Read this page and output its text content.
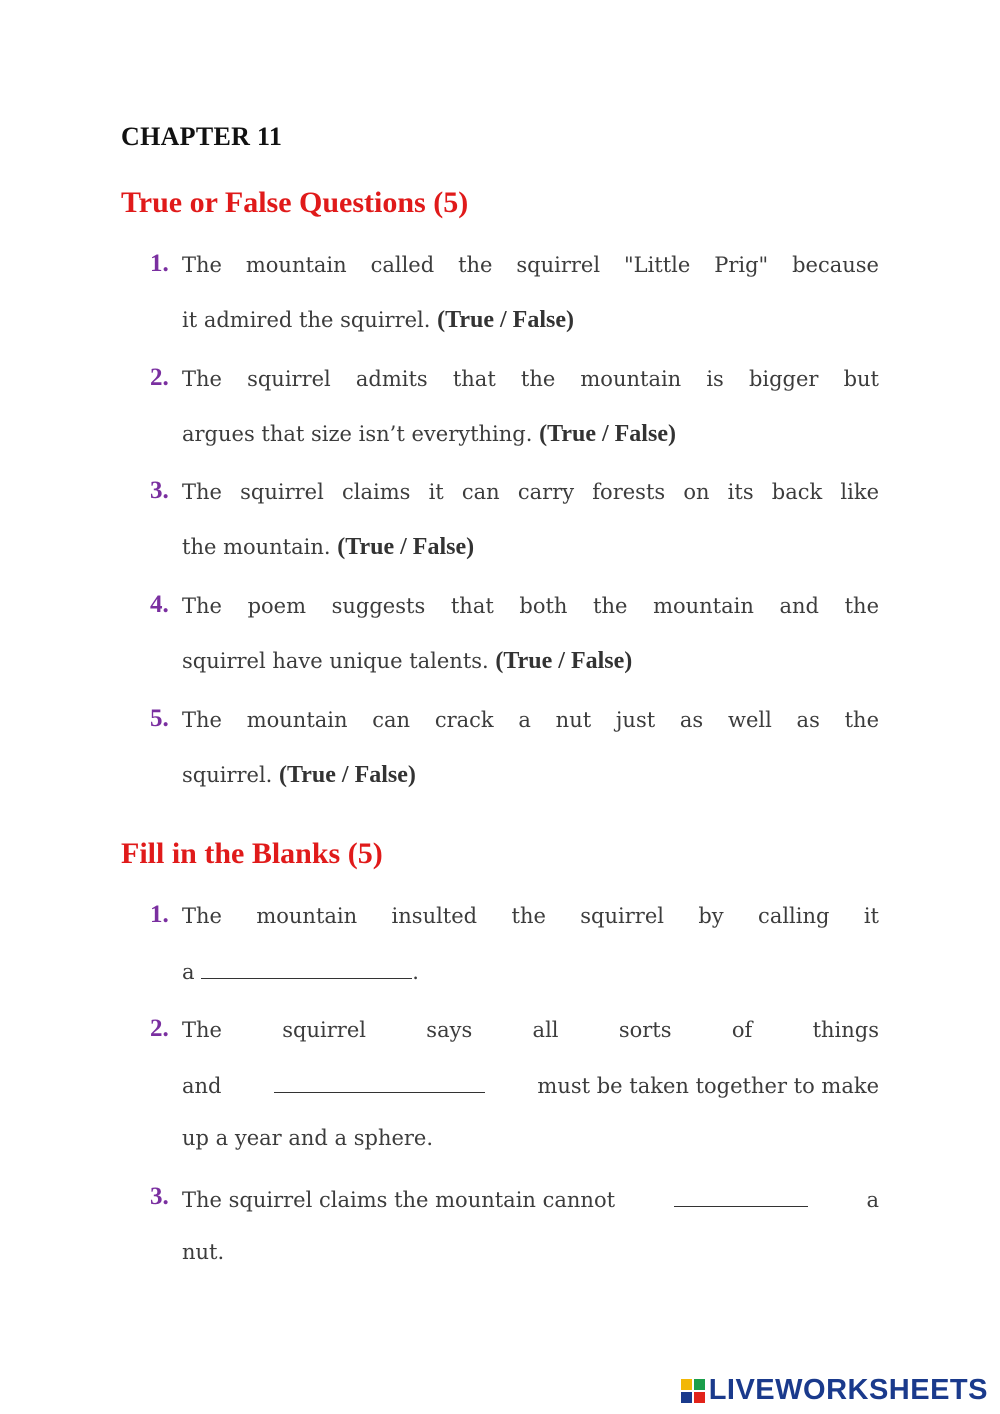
CHAPTER 11
True or False Questions (5)
1. The mountain called the squirrel "Little Prig" because
it admired the squirrel. (True / False)
2. The squirrel admits that the mountain is bigger but
argues that size isn’t everything. (True / False)
3. The squirrel claims it can carry forests on its back like
the mountain. (True / False)
4. The poem suggests that both the mountain and the
squirrel have unique talents. (True / False)
5. The mountain can crack a nut just as well as the
squirrel. (True / False)
Fill in the Blanks (5)
1. The mountain insulted the squirrel by calling it
a	.
2. The squirrel says all sorts of things
and	must be taken together to make
up a year and a sphere.
3. The squirrel claims the mountain cannot	a
nut.
LIVEWORKSHEETS
